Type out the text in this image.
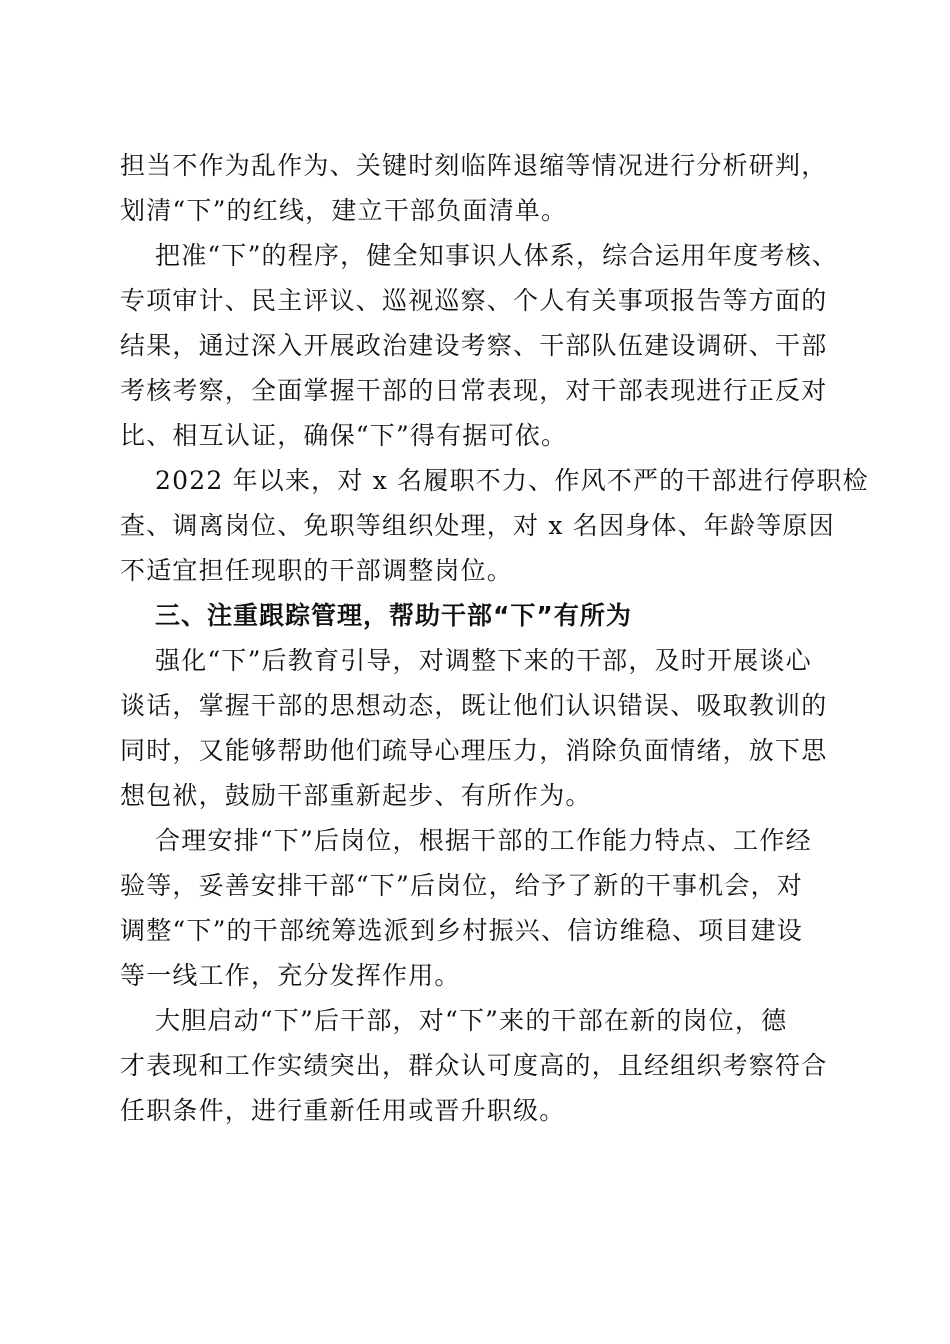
担当不作为乱作为、关键时刻临阵退缩等情况进行分析研判，
划清“下”的红线，建立干部负面清单。
把准“下”的程序，健全知事识人体系，综合运用年度考核、
专项审计、民主评议、巡视巡察、个人有关事项报告等方面的
结果，通过深入开展政治建设考察、干部队伍建设调研、干部
考核考察，全面掌握干部的日常表现，对干部表现进行正反对
比、相互认证，确保“下”得有据可依。
2022 年以来，对 x 名履职不力、作风不严的干部进行停职检
查、调离岗位、免职等组织处理，对 x 名因身体、年龄等原因
不适宜担任现职的干部调整岗位。
三、注重跟踪管理，帮助干部“下”有所为
强化“下”后教育引导，对调整下来的干部，及时开展谈心
谈话，掌握干部的思想动态，既让他们认识错误、吸取教训的
同时，又能够帮助他们疏导心理压力，消除负面情绪，放下思
想包袱，鼓励干部重新起步、有所作为。
合理安排“下”后岗位，根据干部的工作能力特点、工作经
验等，妥善安排干部“下”后岗位，给予了新的干事机会，对
调整“下”的干部统筹选派到乡村振兴、信访维稳、项目建设
等一线工作，充分发挥作用。
大胆启动“下”后干部，对“下”来的干部在新的岗位，德
才表现和工作实绩突出，群众认可度高的，且经组织考察符合
任职条件，进行重新任用或晋升职级。
